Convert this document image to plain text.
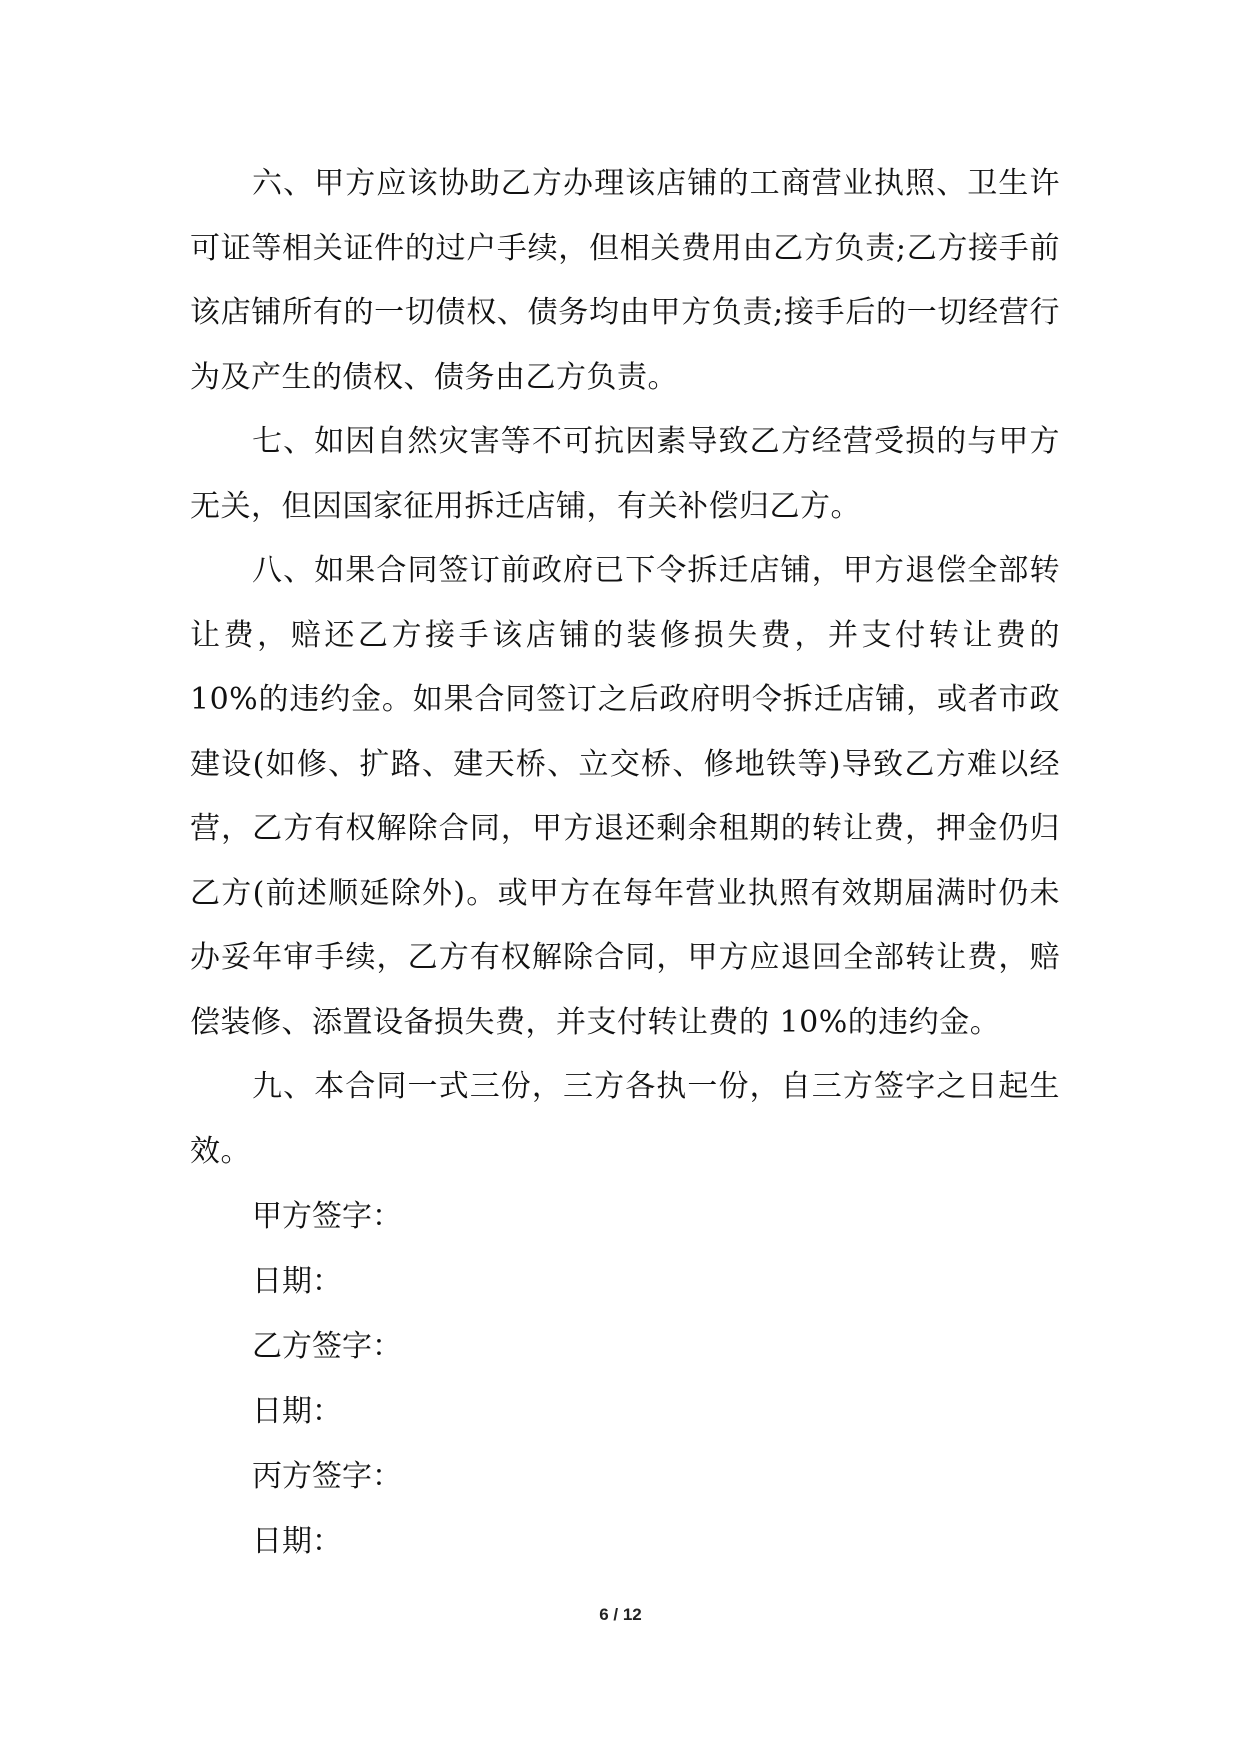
六、甲方应该协助乙方办理该店铺的工商营业执照、卫生许可证等相关证件的过户手续，但相关费用由乙方负责;乙方接手前该店铺所有的一切债权、债务均由甲方负责;接手后的一切经营行为及产生的债权、债务由乙方负责。

七、如因自然灾害等不可抗因素导致乙方经营受损的与甲方无关，但因国家征用拆迁店铺，有关补偿归乙方。

八、如果合同签订前政府已下令拆迁店铺，甲方退偿全部转让费，赔还乙方接手该店铺的装修损失费，并支付转让费的 10%的违约金。如果合同签订之后政府明令拆迁店铺，或者市政建设(如修、扩路、建天桥、立交桥、修地铁等)导致乙方难以经营，乙方有权解除合同，甲方退还剩余租期的转让费，押金仍归乙方(前述顺延除外)。或甲方在每年营业执照有效期届满时仍未办妥年审手续，乙方有权解除合同，甲方应退回全部转让费，赔偿装修、添置设备损失费，并支付转让费的 10%的违约金。

九、本合同一式三份，三方各执一份，自三方签字之日起生效。

甲方签字：

日期：

乙方签字：

日期：

丙方签字：

日期：

6 / 12
